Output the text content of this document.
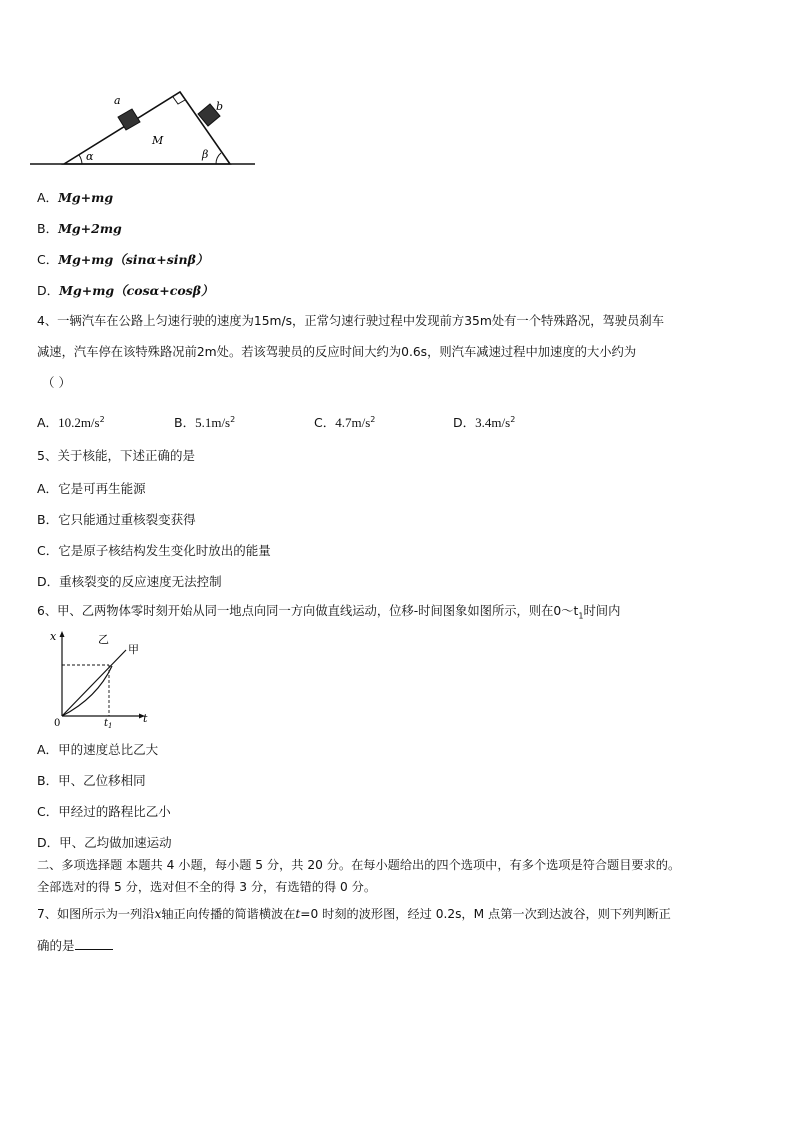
a	b
M
α	β
A．Mg+mg
B．Mg+2mg
C．Mg+mg（sinα+sinβ）
D．Mg+mg（cosα+cosβ）
4、一辆汽车在公路上匀速行驶的速度为15m/s，正常匀速行驶过程中发现前方35m处有一个特殊路况，驾驶员刹车
减速，汽车停在该特殊路况前2m处。若该驾驶员的反应时间大约为0.6s，则汽车减速过程中加速度的大小约为
（ ）
A．$10.2m/s^2$	B．$5.1m/s^2$	C．$4.7m/s^2$	D．$3.4m/s^2$
5、关于核能，下述正确的是
A．它是可再生能源
B．它只能通过重核裂变获得
C．它是原子核结构发生变化时放出的能量
D．重核裂变的反应速度无法控制
6、甲、乙两物体零时刻开始从同一地点向同一方向做直线运动，位移-时间图象如图所示，则在$0\sim t_1$时间内
x
t
0	$t_1$
甲
乙
A．甲的速度总比乙大
B．甲、乙位移相同
C．甲经过的路程比乙小
D．甲、乙均做加速运动
二、多项选择题 本题共 4 小题，每小题 5 分，共 20 分。在每小题给出的四个选项中，有多个选项是符合题目要求的。
全部选对的得 5 分，选对但不全的得 3 分，有选错的得 0 分。
7、如图所示为一列沿x轴正向传播的简谐横波在t=0 时刻的波形图，经过 0.2s，M 点第一次到达波谷，则下列判断正
确的是
